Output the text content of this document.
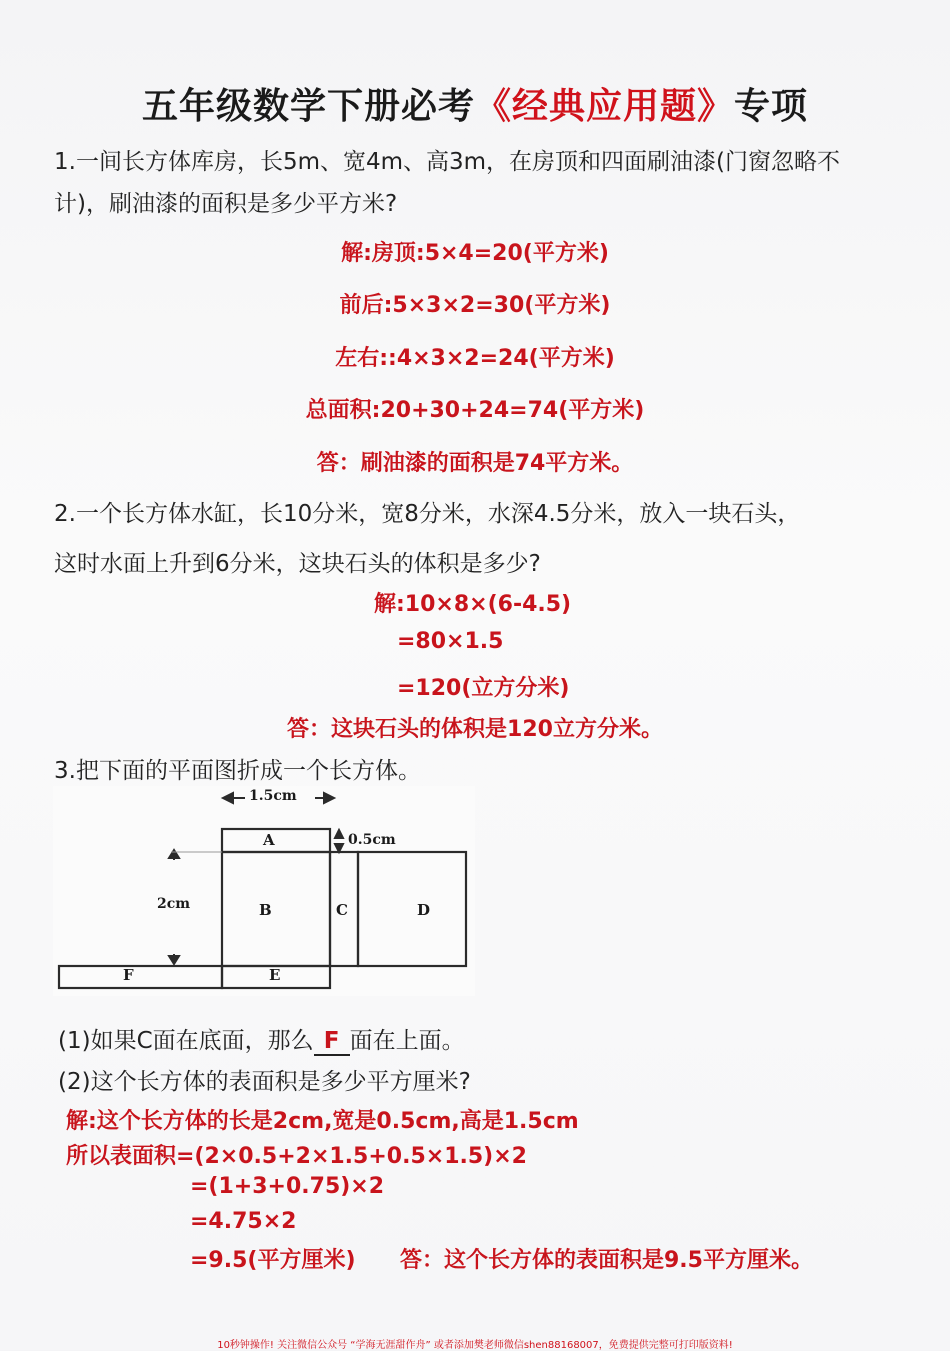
五年级数学下册必考《经典应用题》专项
1.一间长方体库房，长5m、宽4m、高3m，在房顶和四面刷油漆(门窗忽略不
计)，刷油漆的面积是多少平方米?
解:房顶:5×4=20(平方米)
前后:5×3×2=30(平方米)
左右::4×3×2=24(平方米)
总面积:20+30+24=74(平方米)
答：刷油漆的面积是74平方米。
2.一个长方体水缸，长10分米，宽8分米，水深4.5分米，放入一块石头，
这时水面上升到6分米，这块石头的体积是多少?
解:10×8×(6-4.5)
=80×1.5
=120(立方分米)
答：这块石头的体积是120立方分米。
3.把下面的平面图折成一个长方体。
1.5cm
0.5cm
2cm
A
B	C	D
E
F
(1)如果C面在底面，那么 F 面在上面。
(2)这个长方体的表面积是多少平方厘米?
解:这个长方体的长是2cm,宽是0.5cm,高是1.5cm
所以表面积=(2×0.5+2×1.5+0.5×1.5)×2
=(1+3+0.75)×2
=4.75×2
=9.5(平方厘米) 答：这个长方体的表面积是9.5平方厘米。
10秒钟操作! 关注微信公众号 “学海无涯甜作舟” 或者添加樊老师微信shen88168007，免费提供完整可打印版资料!
